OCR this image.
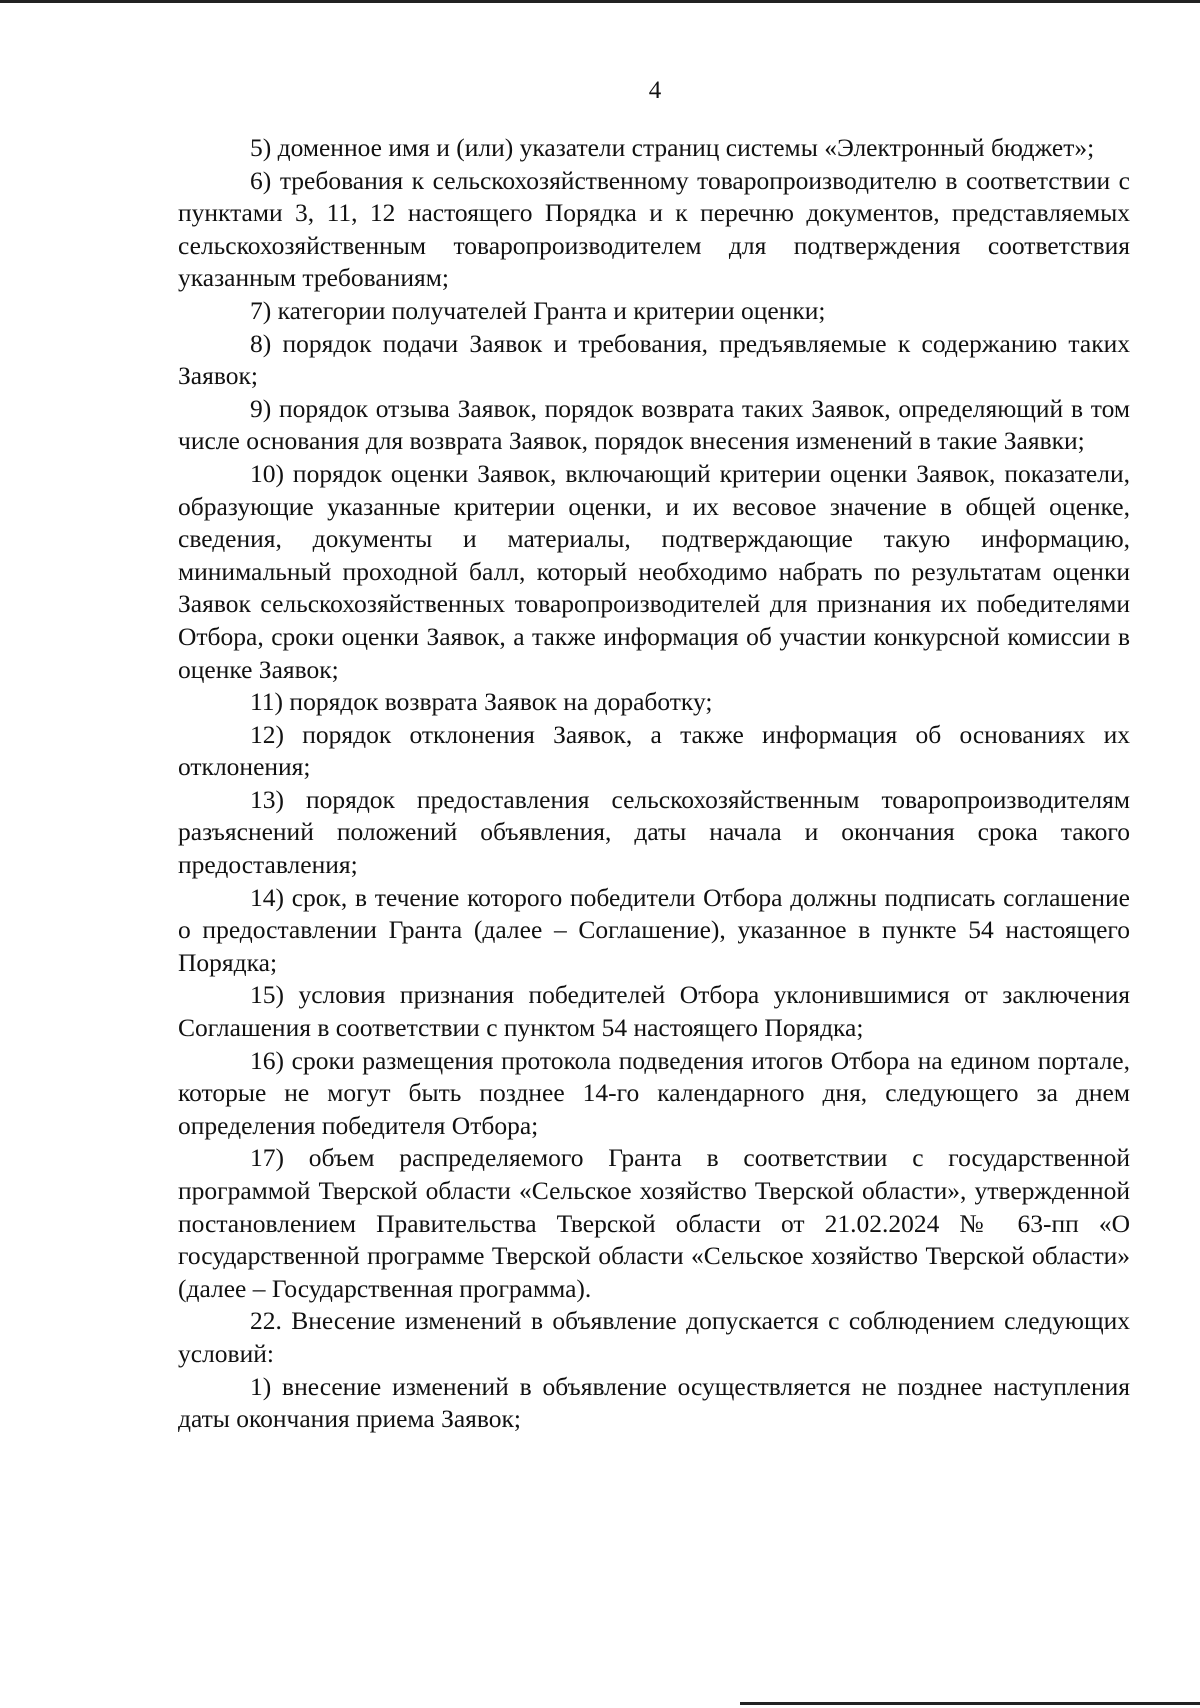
4

5) доменное имя и (или) указатели страниц системы «Электронный бюджет»;

6) требования к сельскохозяйственному товаропроизводителю в соответствии с пунктами 3, 11, 12 настоящего Порядка и к перечню документов, представляемых сельскохозяйственным товаропроизводителем для подтверждения соответствия указанным требованиям;

7) категории получателей Гранта и критерии оценки;

8) порядок подачи Заявок и требования, предъявляемые к содержанию таких Заявок;

9) порядок отзыва Заявок, порядок возврата таких Заявок, определяющий в том числе основания для возврата Заявок, порядок внесения изменений в такие Заявки;

10) порядок оценки Заявок, включающий критерии оценки Заявок, показатели, образующие указанные критерии оценки, и их весовое значение в общей оценке, сведения, документы и материалы, подтверждающие такую информацию, минимальный проходной балл, который необходимо набрать по результатам оценки Заявок сельскохозяйственных товаропроизводителей для признания их победителями Отбора, сроки оценки Заявок, а также информация об участии конкурсной комиссии в оценке Заявок;

11) порядок возврата Заявок на доработку;

12) порядок отклонения Заявок, а также информация об основаниях их отклонения;

13) порядок предоставления сельскохозяйственным товаропроизводителям разъяснений положений объявления, даты начала и окончания срока такого предоставления;

14) срок, в течение которого победители Отбора должны подписать соглашение о предоставлении Гранта (далее – Соглашение), указанное в пункте 54 настоящего Порядка;

15) условия признания победителей Отбора уклонившимися от заключения Соглашения в соответствии с пунктом 54 настоящего Порядка;

16) сроки размещения протокола подведения итогов Отбора на едином портале, которые не могут быть позднее 14-го календарного дня, следующего за днем определения победителя Отбора;

17) объем распределяемого Гранта в соответствии с государственной программой Тверской области «Сельское хозяйство Тверской области», утвержденной постановлением Правительства Тверской области от 21.02.2024 № 63-пп «О государственной программе Тверской области «Сельское хозяйство Тверской области» (далее – Государственная программа).

22. Внесение изменений в объявление допускается с соблюдением следующих условий:

1) внесение изменений в объявление осуществляется не позднее наступления даты окончания приема Заявок;
